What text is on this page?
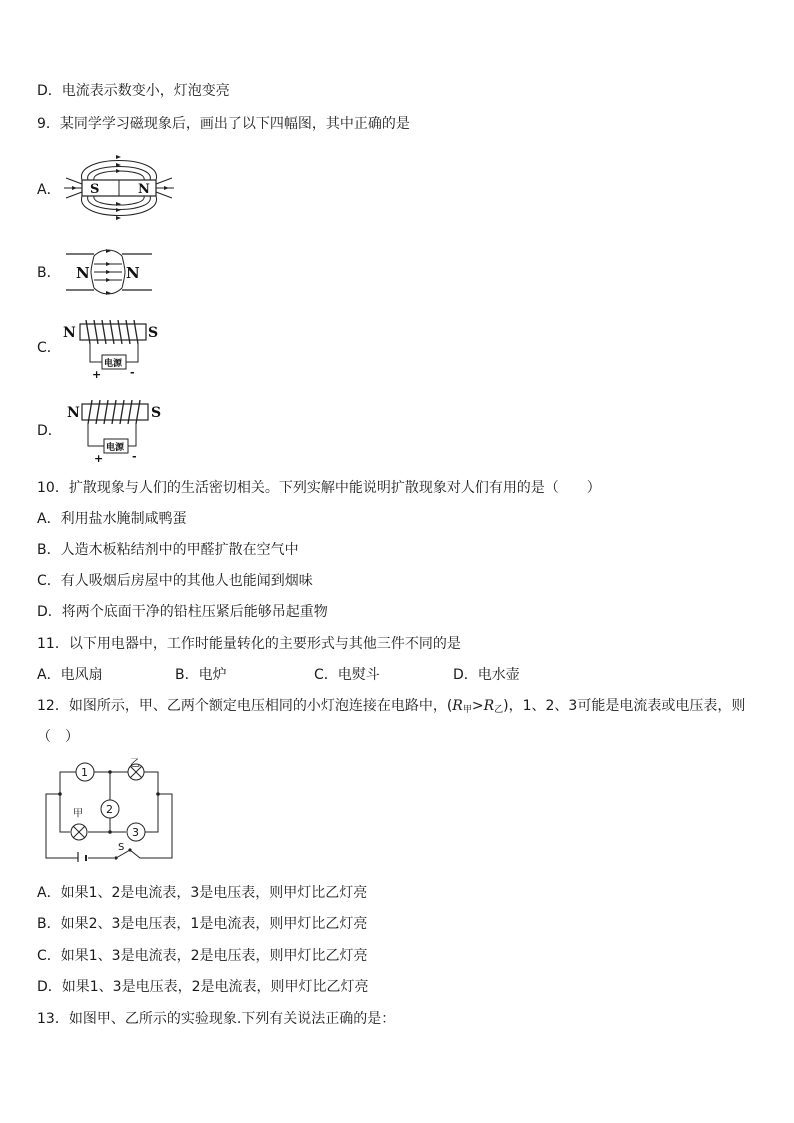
D．电流表示数变小，灯泡变亮
9．某同学学习磁现象后，画出了以下四幅图，其中正确的是
A． S	N
B． N N
C．
电源
+	-
N	S
D．
电源
+	-
N	S
10．扩散现象与人们的生活密切相关。下列实解中能说明扩散现象对人们有用的是（　　）
A．利用盐水腌制咸鸭蛋
B．人造木板粘结剂中的甲醛扩散在空气中
C．有人吸烟后房屋中的其他人也能闻到烟味
D．将两个底面干净的铅柱压紧后能够吊起重物
11．以下用电器中，工作时能量转化的主要形式与其他三件不同的是
A．电风扇	B．电炉	C．电熨斗	D．电水壶
12．如图所示，甲、乙两个额定电压相同的小灯泡连接在电路中，$(R_甲>R_乙)$，1、2、3可能是电流表或电压表，则
（　）
S
1
2
3
乙
甲
A．如果1、2是电流表，3是电压表，则甲灯比乙灯亮
B．如果2、3是电压表，1是电流表，则甲灯比乙灯亮
C．如果1、3是电流表，2是电压表，则甲灯比乙灯亮
D．如果1、3是电压表，2是电流表，则甲灯比乙灯亮
13．如图甲、乙所示的实验现象.下列有关说法正确的是：
